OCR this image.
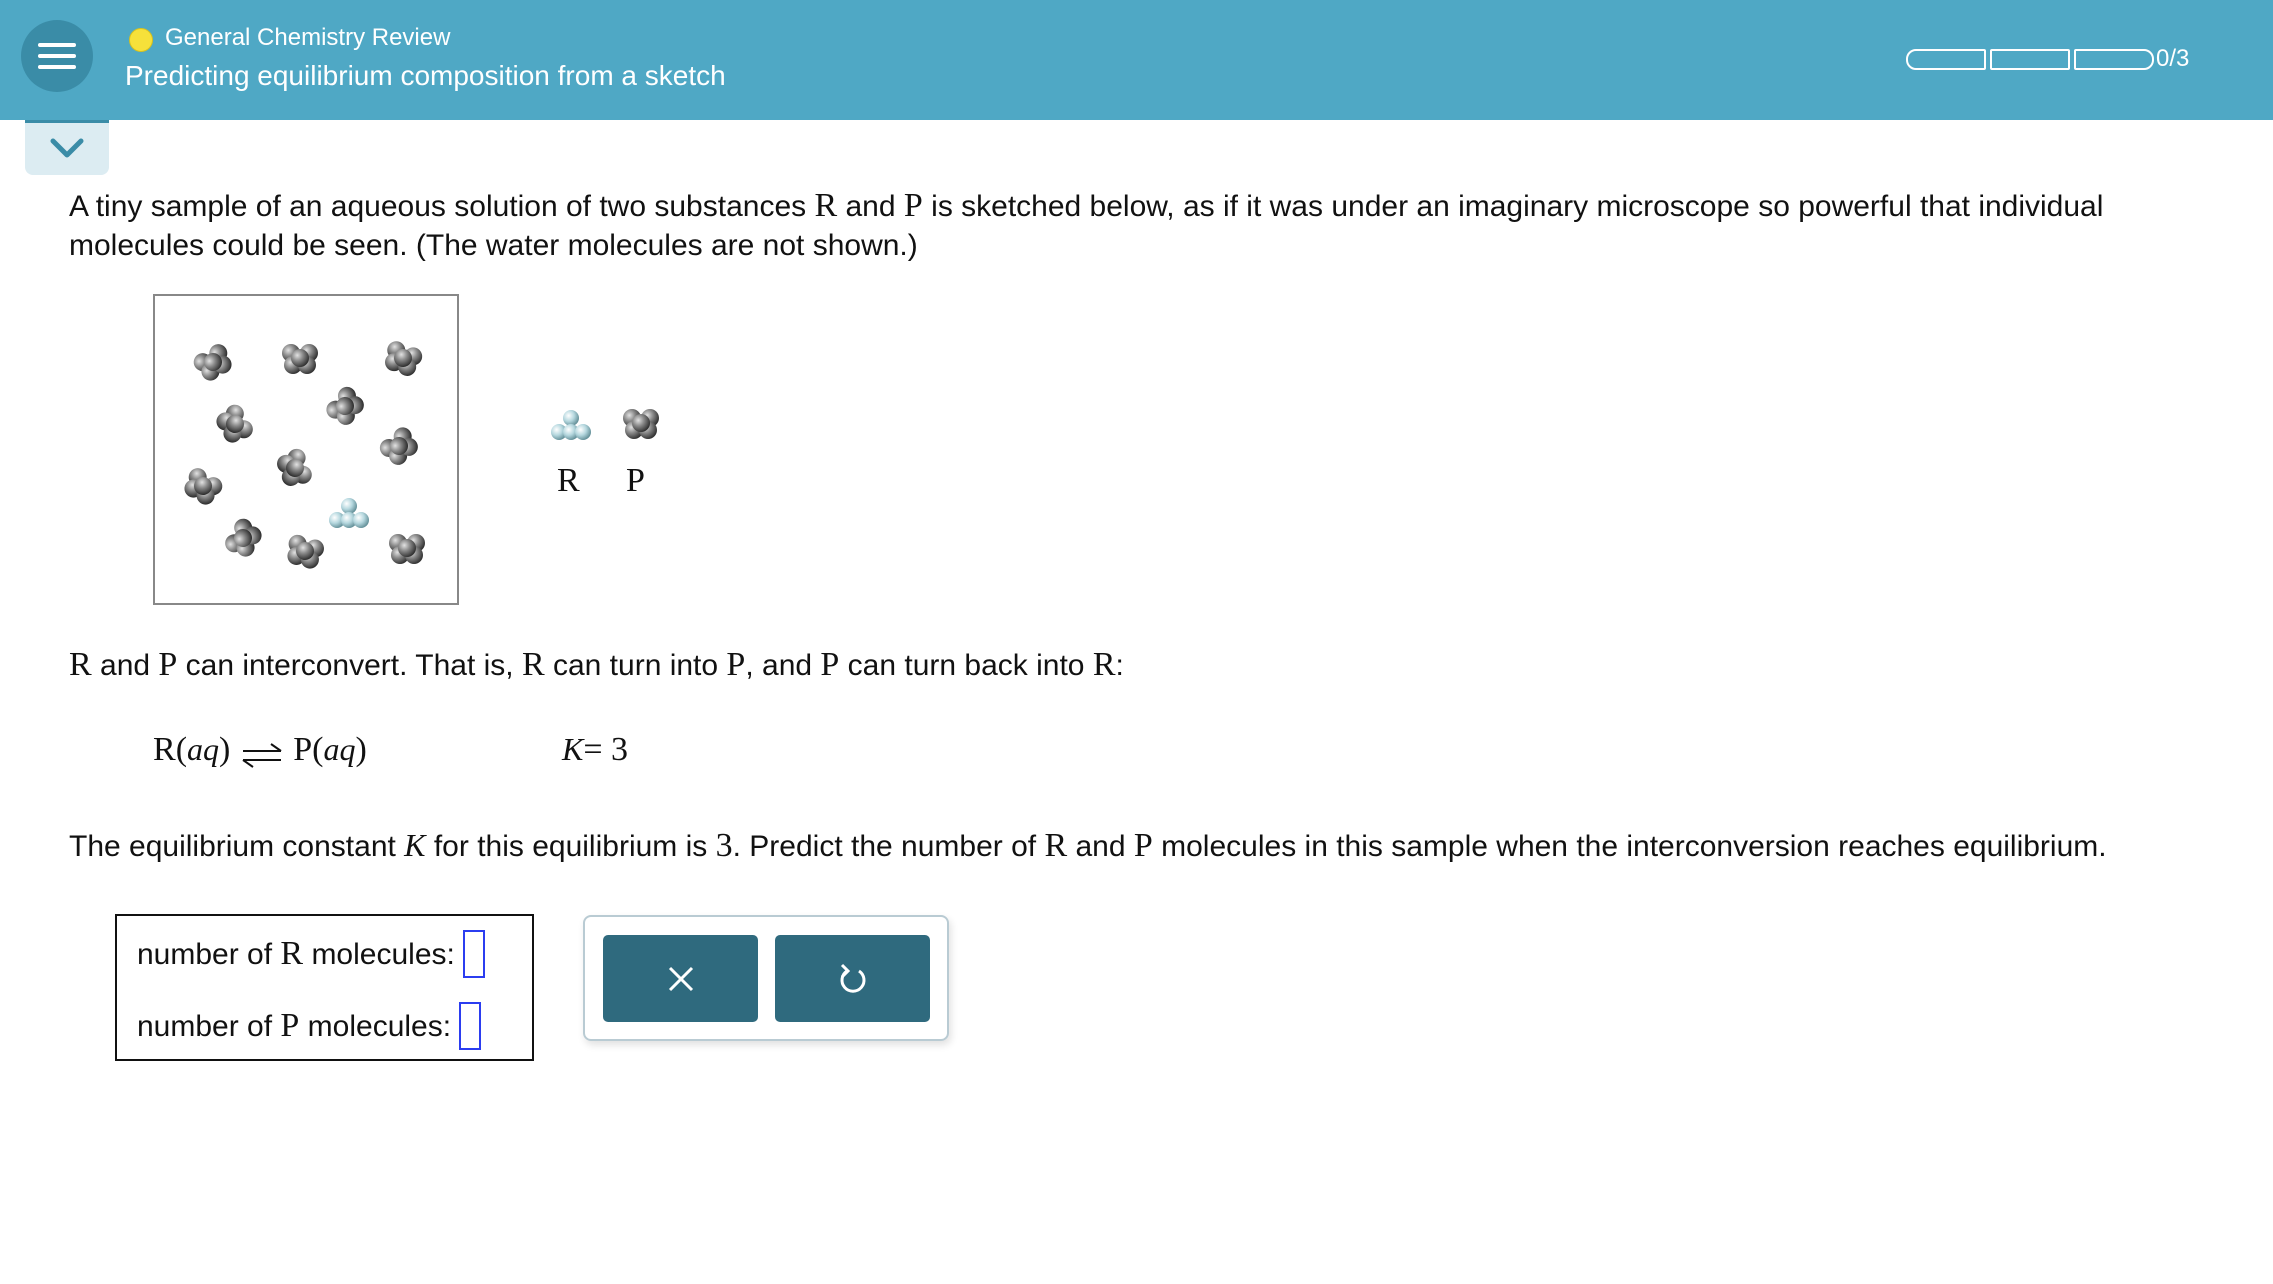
General Chemistry Review
Predicting equilibrium composition from a sketch
0/3
A tiny sample of an aqueous solution of two substances R and P is sketched below, as if it was under an imaginary microscope so powerful that individual
molecules could be seen. (The water molecules are not shown.)
R P
R and P can interconvert. That is, R can turn into P, and P can turn back into R:
R(aq) ⇌ P(aq)	K= 3
The equilibrium constant K for this equilibrium is 3. Predict the number of R and P molecules in this sample when the interconversion reaches equilibrium.
number of R molecules:
number of P molecules:
